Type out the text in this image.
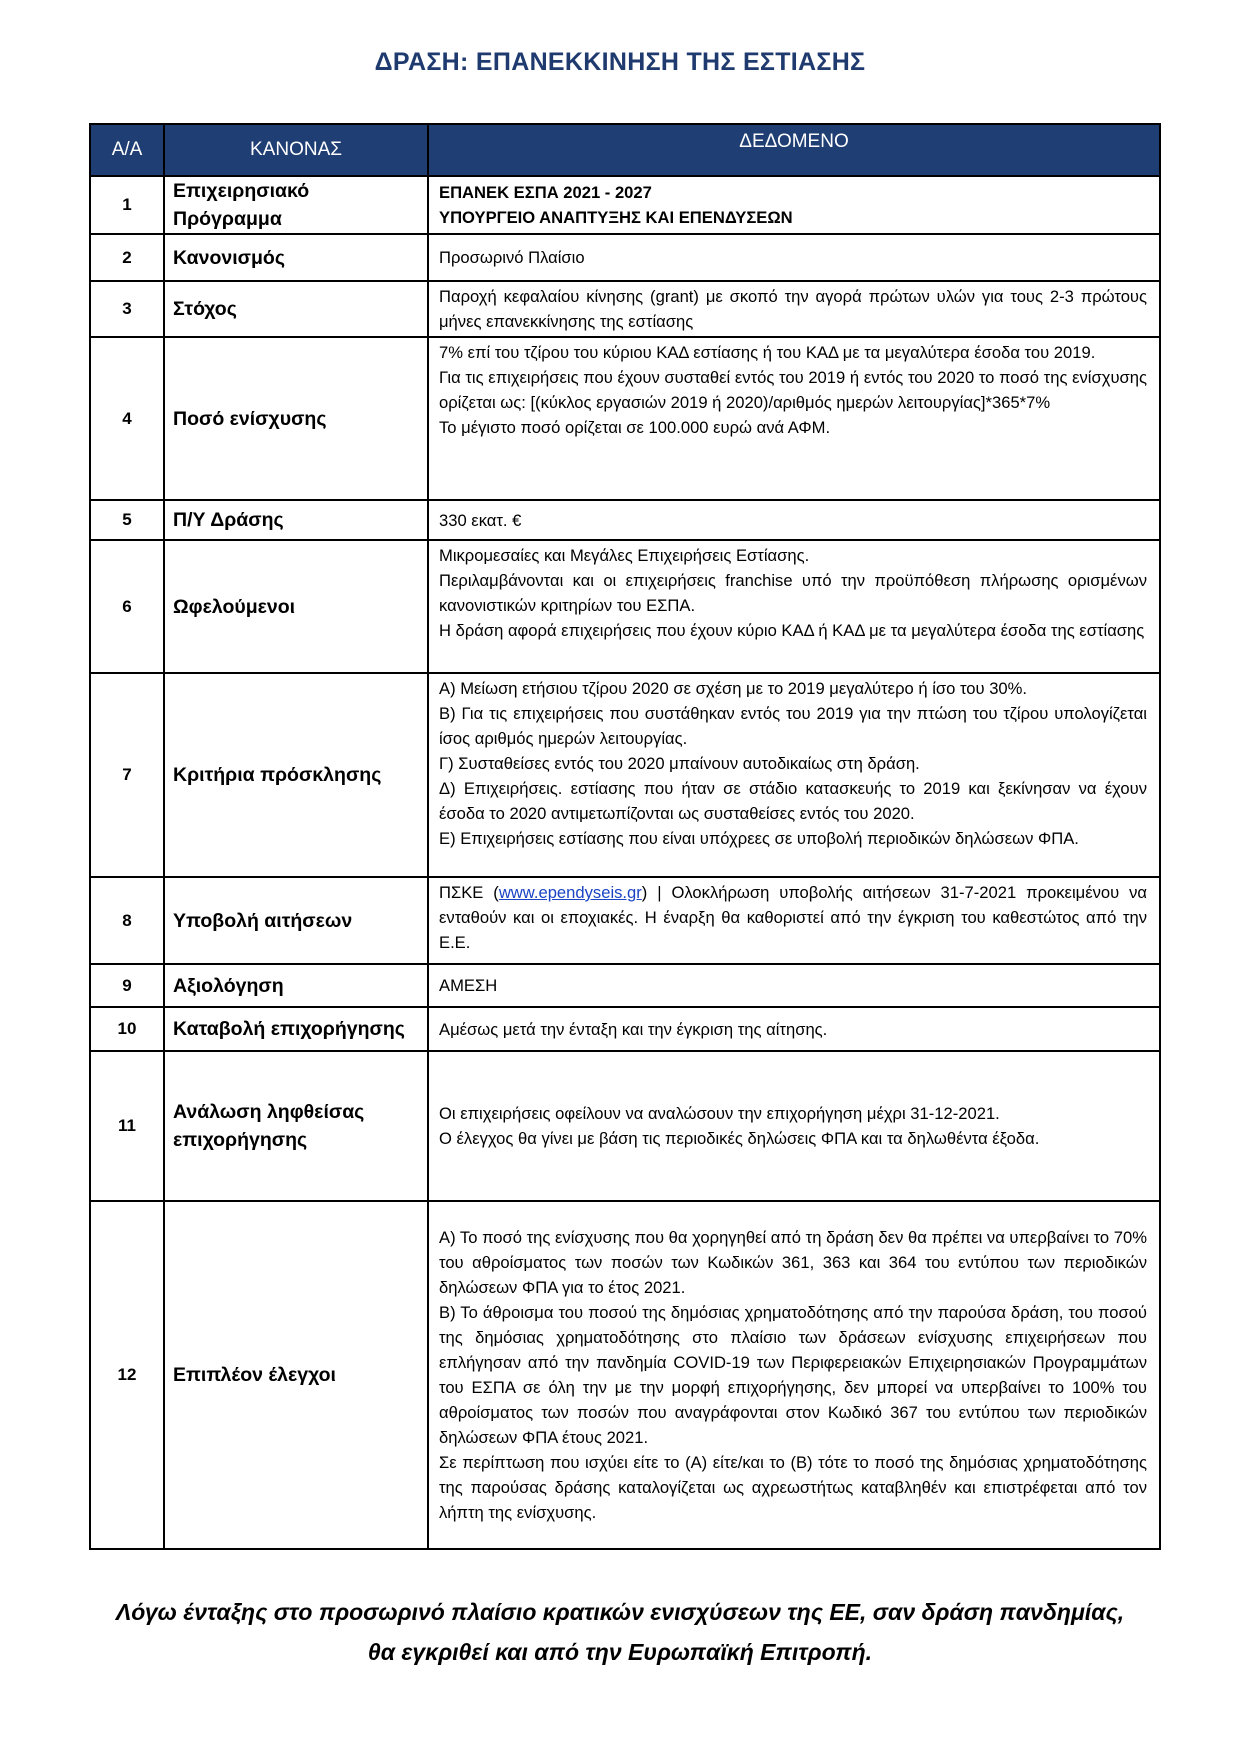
ΔΡΑΣΗ: ΕΠΑΝΕΚΚΙΝΗΣΗ ΤΗΣ ΕΣΤΙΑΣΗΣ
Α/Α	ΚΑΝΟΝΑΣ	ΔΕΔΟΜΕΝΟ
1	Επιχειρησιακό Πρόγραμμα	ΕΠΑΝΕΚ ΕΣΠΑ 2021 - 2027

ΥΠΟΥΡΓΕΙΟ ΑΝΑΠΤΥΞΗΣ ΚΑΙ ΕΠΕΝΔΥΣΕΩΝ

2	Κανονισμός	Προσωρινό Πλαίσιο

3	Στόχος	Παροχή κεφαλαίου κίνησης (grant) με σκοπό την αγορά πρώτων υλών για τους 2-3 πρώτους μήνες επανεκκίνησης της εστίασης

4	Ποσό ενίσχυσης	7% επί του τζίρου του κύριου ΚΑΔ εστίασης ή του ΚΑΔ με τα μεγαλύτερα έσοδα του 2019.

Για τις επιχειρήσεις που έχουν συσταθεί εντός του 2019 ή εντός του 2020 το ποσό της ενίσχυσης ορίζεται ως: [(κύκλος εργασιών 2019 ή 2020)/αριθμός ημερών λειτουργίας]*365*7%

Το μέγιστο ποσό ορίζεται σε 100.000 ευρώ ανά ΑΦΜ.

5	Π/Υ Δράσης	330 εκατ. €

6	Ωφελούμενοι	Μικρομεσαίες και Μεγάλες Επιχειρήσεις Εστίασης.

Περιλαμβάνονται και οι επιχειρήσεις franchise υπό την προϋπόθεση πλήρωσης ορισμένων κανονιστικών κριτηρίων του ΕΣΠΑ.

Η δράση αφορά επιχειρήσεις που έχουν κύριο ΚΑΔ ή ΚΑΔ με τα μεγαλύτερα έσοδα της εστίασης

7	Κριτήρια πρόσκλησης	Α) Μείωση ετήσιου τζίρου 2020 σε σχέση με το 2019 μεγαλύτερο ή ίσο του 30%.

Β) Για τις επιχειρήσεις που συστάθηκαν εντός του 2019 για την πτώση του τζίρου υπολογίζεται ίσος αριθμός ημερών λειτουργίας.

Γ) Συσταθείσες εντός του 2020 μπαίνουν αυτοδικαίως στη δράση.

Δ) Επιχειρήσεις. εστίασης που ήταν σε στάδιο κατασκευής το 2019 και ξεκίνησαν να έχουν έσοδα το 2020 αντιμετωπίζονται ως συσταθείσες εντός του 2020.

Ε) Επιχειρήσεις εστίασης που είναι υπόχρεες σε υποβολή περιοδικών δηλώσεων ΦΠΑ.

8	Υποβολή αιτήσεων	ΠΣΚΕ (www.ependyseis.gr) | Ολοκλήρωση υποβολής αιτήσεων 31-7-2021 προκειμένου να ενταθούν και οι εποχιακές. Η έναρξη θα καθοριστεί από την έγκριση του καθεστώτος από την Ε.Ε.

9	Αξιολόγηση	ΑΜΕΣΗ

10	Καταβολή επιχορήγησης	Αμέσως μετά την ένταξη και την έγκριση της αίτησης.

11	Ανάλωση ληφθείσας επιχορήγησης	Οι επιχειρήσεις οφείλουν να αναλώσουν την επιχορήγηση μέχρι 31-12-2021.

Ο έλεγχος θα γίνει με βάση τις περιοδικές δηλώσεις ΦΠΑ και τα δηλωθέντα έξοδα.

12	Επιπλέον έλεγχοι	Α) Το ποσό της ενίσχυσης που θα χορηγηθεί από τη δράση δεν θα πρέπει να υπερβαίνει το 70% του αθροίσματος των ποσών των Κωδικών 361, 363 και 364 του εντύπου των περιοδικών δηλώσεων ΦΠΑ για το έτος 2021.

Β) Το άθροισμα του ποσού της δημόσιας χρηματοδότησης από την παρούσα δράση, του ποσού της δημόσιας χρηματοδότησης στο πλαίσιο των δράσεων ενίσχυσης επιχειρήσεων που επλήγησαν από την πανδημία COVID-19 των Περιφερειακών Επιχειρησιακών Προγραμμάτων του ΕΣΠΑ σε όλη την με την μορφή επιχορήγησης, δεν μπορεί να υπερβαίνει το 100% του αθροίσματος των ποσών που αναγράφονται στον Κωδικό 367 του εντύπου των περιοδικών δηλώσεων ΦΠΑ έτους 2021.

Σε περίπτωση που ισχύει είτε το (Α) είτε/και το (Β) τότε το ποσό της δημόσιας χρηματοδότησης της παρούσας δράσης καταλογίζεται ως αχρεωστήτως καταβληθέν και επιστρέφεται από τον λήπτη της ενίσχυσης.

Λόγω ένταξης στο προσωρινό πλαίσιο κρατικών ενισχύσεων της ΕΕ, σαν δράση πανδημίας, θα εγκριθεί και από την Ευρωπαϊκή Επιτροπή.
